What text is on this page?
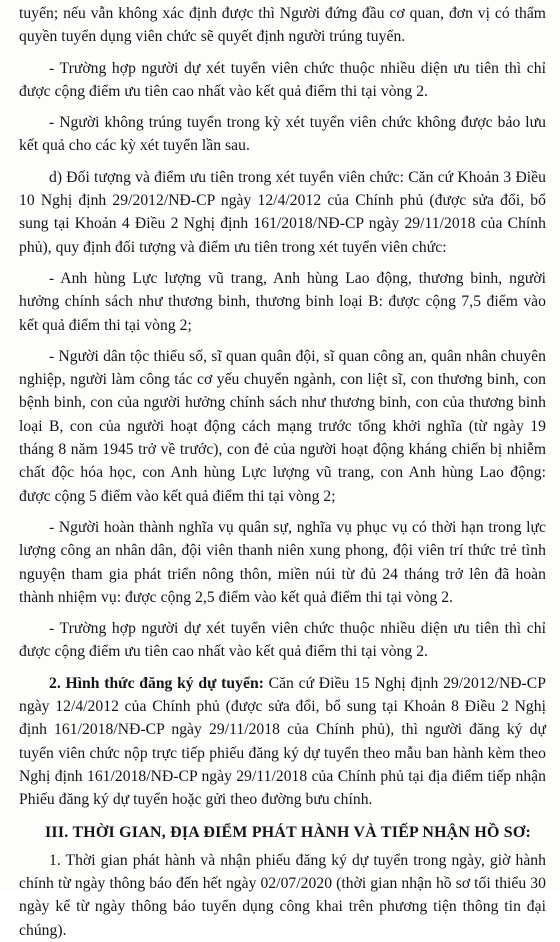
tuyển; nếu vẫn không xác định được thì Người đứng đầu cơ quan, đơn vị có thẩm quyền tuyển dụng viên chức sẽ quyết định người trúng tuyển.

- Trường hợp người dự xét tuyển viên chức thuộc nhiều diện ưu tiên thì chỉ được cộng điểm ưu tiên cao nhất vào kết quả điểm thi tại vòng 2.

- Người không trúng tuyển trong kỳ xét tuyển viên chức không được bảo lưu kết quả cho các kỳ xét tuyển lần sau.

d) Đối tượng và điểm ưu tiên trong xét tuyển viên chức: Căn cứ Khoản 3 Điều 10 Nghị định 29/2012/NĐ-CP ngày 12/4/2012 của Chính phủ (được sửa đổi, bổ sung tại Khoản 4 Điều 2 Nghị định 161/2018/NĐ-CP ngày 29/11/2018 của Chính phủ), quy định đối tượng và điểm ưu tiên trong xét tuyển viên chức:

- Anh hùng Lực lượng vũ trang, Anh hùng Lao động, thương binh, người hưởng chính sách như thương binh, thương binh loại B: được cộng 7,5 điểm vào kết quả điểm thi tại vòng 2;

- Người dân tộc thiểu số, sĩ quan quân đội, sĩ quan công an, quân nhân chuyên nghiệp, người làm công tác cơ yếu chuyển ngành, con liệt sĩ, con thương binh, con bệnh binh, con của người hưởng chính sách như thương binh, con của thương binh loại B, con của người hoạt động cách mạng trước tổng khởi nghĩa (từ ngày 19 tháng 8 năm 1945 trở về trước), con đẻ của người hoạt động kháng chiến bị nhiễm chất độc hóa học, con Anh hùng Lực lượng vũ trang, con Anh hùng Lao động: được cộng 5 điểm vào kết quả điểm thi tại vòng 2;

- Người hoàn thành nghĩa vụ quân sự, nghĩa vụ phục vụ có thời hạn trong lực lượng công an nhân dân, đội viên thanh niên xung phong, đội viên trí thức trẻ tình nguyện tham gia phát triển nông thôn, miền núi từ đủ 24 tháng trở lên đã hoàn thành nhiệm vụ: được cộng 2,5 điểm vào kết quả điểm thi tại vòng 2.

- Trường hợp người dự xét tuyển viên chức thuộc nhiều diện ưu tiên thì chỉ được cộng điểm ưu tiên cao nhất vào kết quả điểm thi tại vòng 2.

2. Hình thức đăng ký dự tuyển: Căn cứ Điều 15 Nghị định 29/2012/NĐ-CP ngày 12/4/2012 của Chính phủ (được sửa đổi, bổ sung tại Khoản 8 Điều 2 Nghị định 161/2018/NĐ-CP ngày 29/11/2018 của Chính phủ), thì người đăng ký dự tuyển viên chức nộp trực tiếp phiếu đăng ký dự tuyển theo mẫu ban hành kèm theo Nghị định 161/2018/NĐ-CP ngày 29/11/2018 của Chính phủ tại địa điểm tiếp nhận Phiếu đăng ký dự tuyển hoặc gửi theo đường bưu chính.

III. THỜI GIAN, ĐỊA ĐIỂM PHÁT HÀNH VÀ TIẾP NHẬN HỒ SƠ:

1. Thời gian phát hành và nhận phiếu đăng ký dự tuyển trong ngày, giờ hành chính từ ngày thông báo đến hết ngày 02/07/2020 (thời gian nhận hồ sơ tối thiểu 30 ngày kể từ ngày thông báo tuyển dụng công khai trên phương tiện thông tin đại chúng).
